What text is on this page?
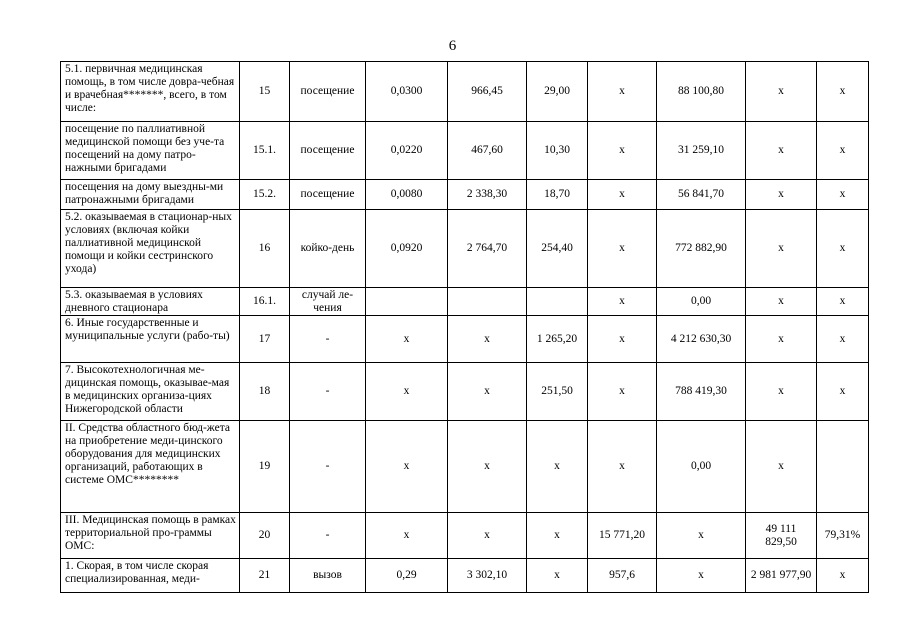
6
5.1. первичная медицинская помощь, в том числе довра-чебная и врачебная*******, всего, в том числе:	15	посещение	0,0300	966,45	29,00	х	88 100,80	х	х
посещение по паллиативной медицинской помощи без уче-та посещений на дому патро-нажными бригадами	15.1.	посещение	0,0220	467,60	10,30	х	31 259,10	х	х
посещения на дому выездны-ми патронажными бригадами	15.2.	посещение	0,0080	2 338,30	18,70	х	56 841,70	х	х
5.2. оказываемая в стационар-ных условиях (включая койки паллиативной медицинской помощи и койки сестринского ухода)	16	койко-день	0,0920	2 764,70	254,40	х	772 882,90	х	х
5.3. оказываемая в условиях дневного стационара	16.1.	случай ле-чения				х	0,00	х	х
6. Иные государственные и муниципальные услуги (рабо-ты)	17	-	х	х	1 265,20	х	4 212 630,30	х	х
7. Высокотехнологичная ме-дицинская помощь, оказывае-мая в медицинских организа-циях Нижегородской области	18	-	х	х	251,50	х	788 419,30	х	х
II. Средства областного бюд-жета на приобретение меди-цинского оборудования для медицинских организаций, работающих в системе ОМС********	19	-	х	х	х	х	0,00	х	
III. Медицинская помощь в рамках территориальной про-граммы ОМС:	20	-	х	х	х	15 771,20	х	49 111 829,50	79,31%
1. Скорая, в том числе скорая специализированная, меди-	21	вызов	0,29	3 302,10	х	957,6	х	2 981 977,90	х
